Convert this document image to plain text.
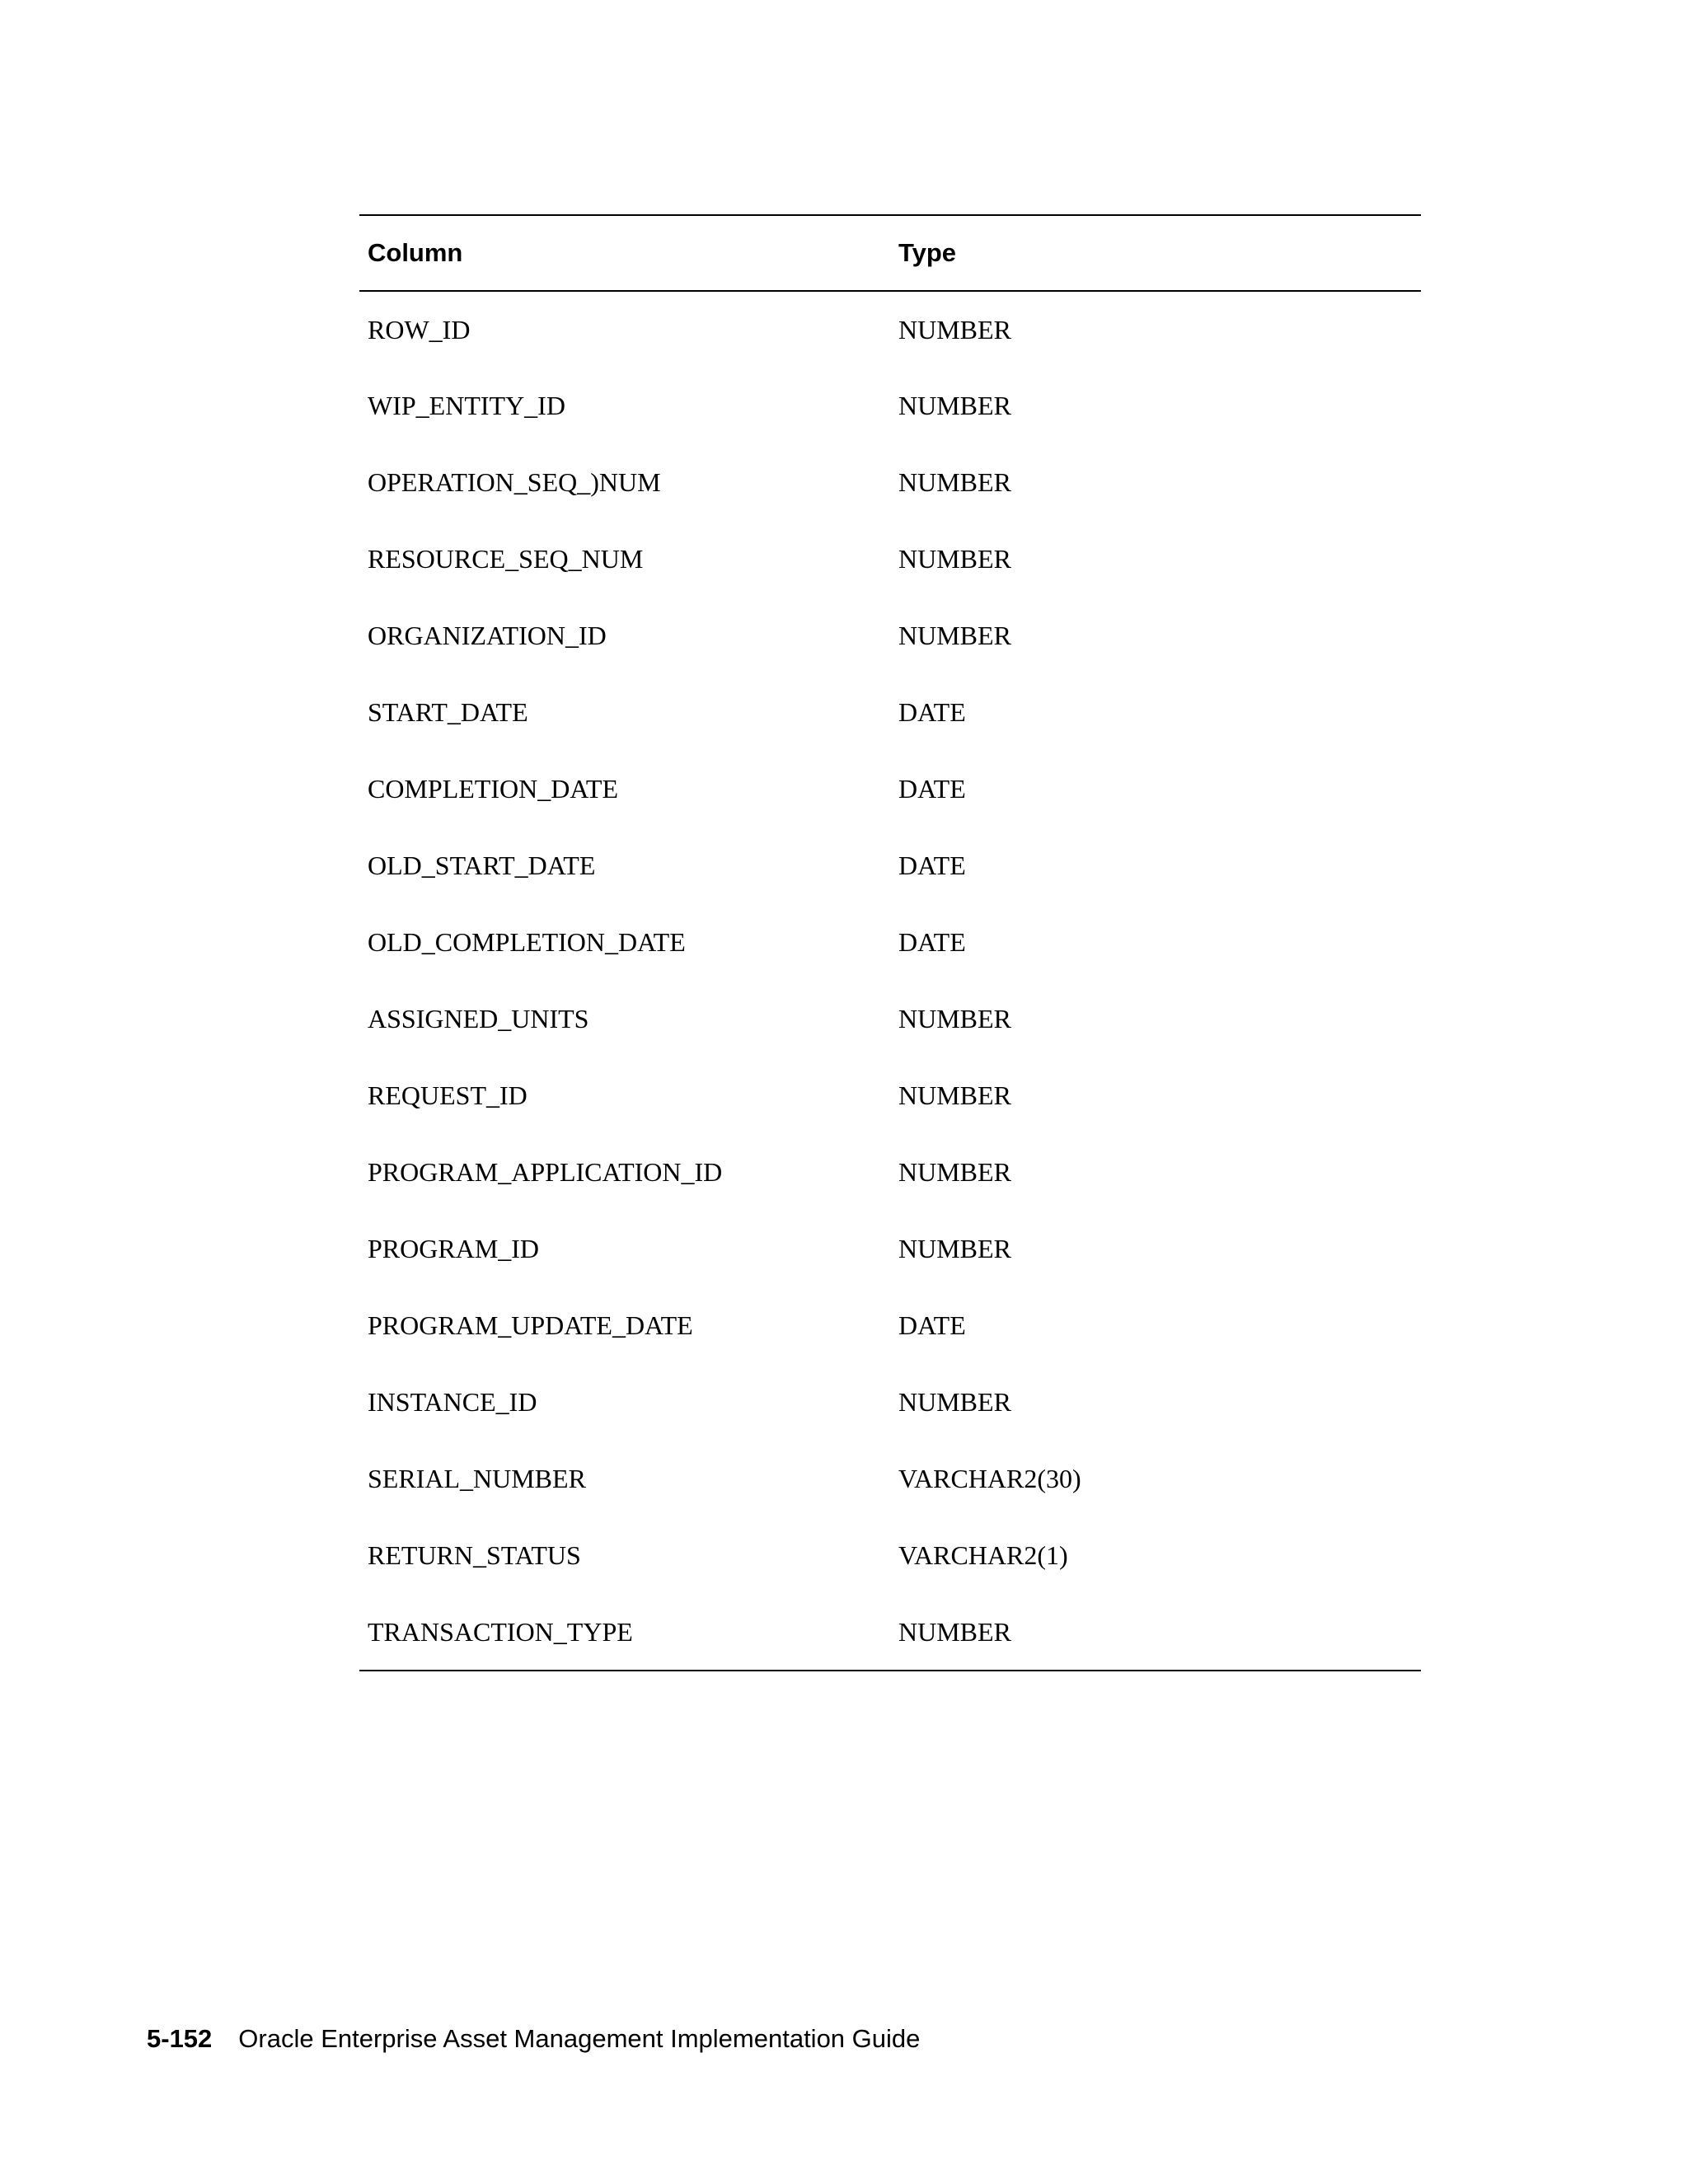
Column	Type
ROW_ID	NUMBER
WIP_ENTITY_ID	NUMBER
OPERATION_SEQ_)NUM	NUMBER
RESOURCE_SEQ_NUM	NUMBER
ORGANIZATION_ID	NUMBER
START_DATE	DATE
COMPLETION_DATE	DATE
OLD_START_DATE	DATE
OLD_COMPLETION_DATE	DATE
ASSIGNED_UNITS	NUMBER
REQUEST_ID	NUMBER
PROGRAM_APPLICATION_ID	NUMBER
PROGRAM_ID	NUMBER
PROGRAM_UPDATE_DATE	DATE
INSTANCE_ID	NUMBER
SERIAL_NUMBER	VARCHAR2(30)
RETURN_STATUS	VARCHAR2(1)
TRANSACTION_TYPE	NUMBER
5-152 Oracle Enterprise Asset Management Implementation Guide
